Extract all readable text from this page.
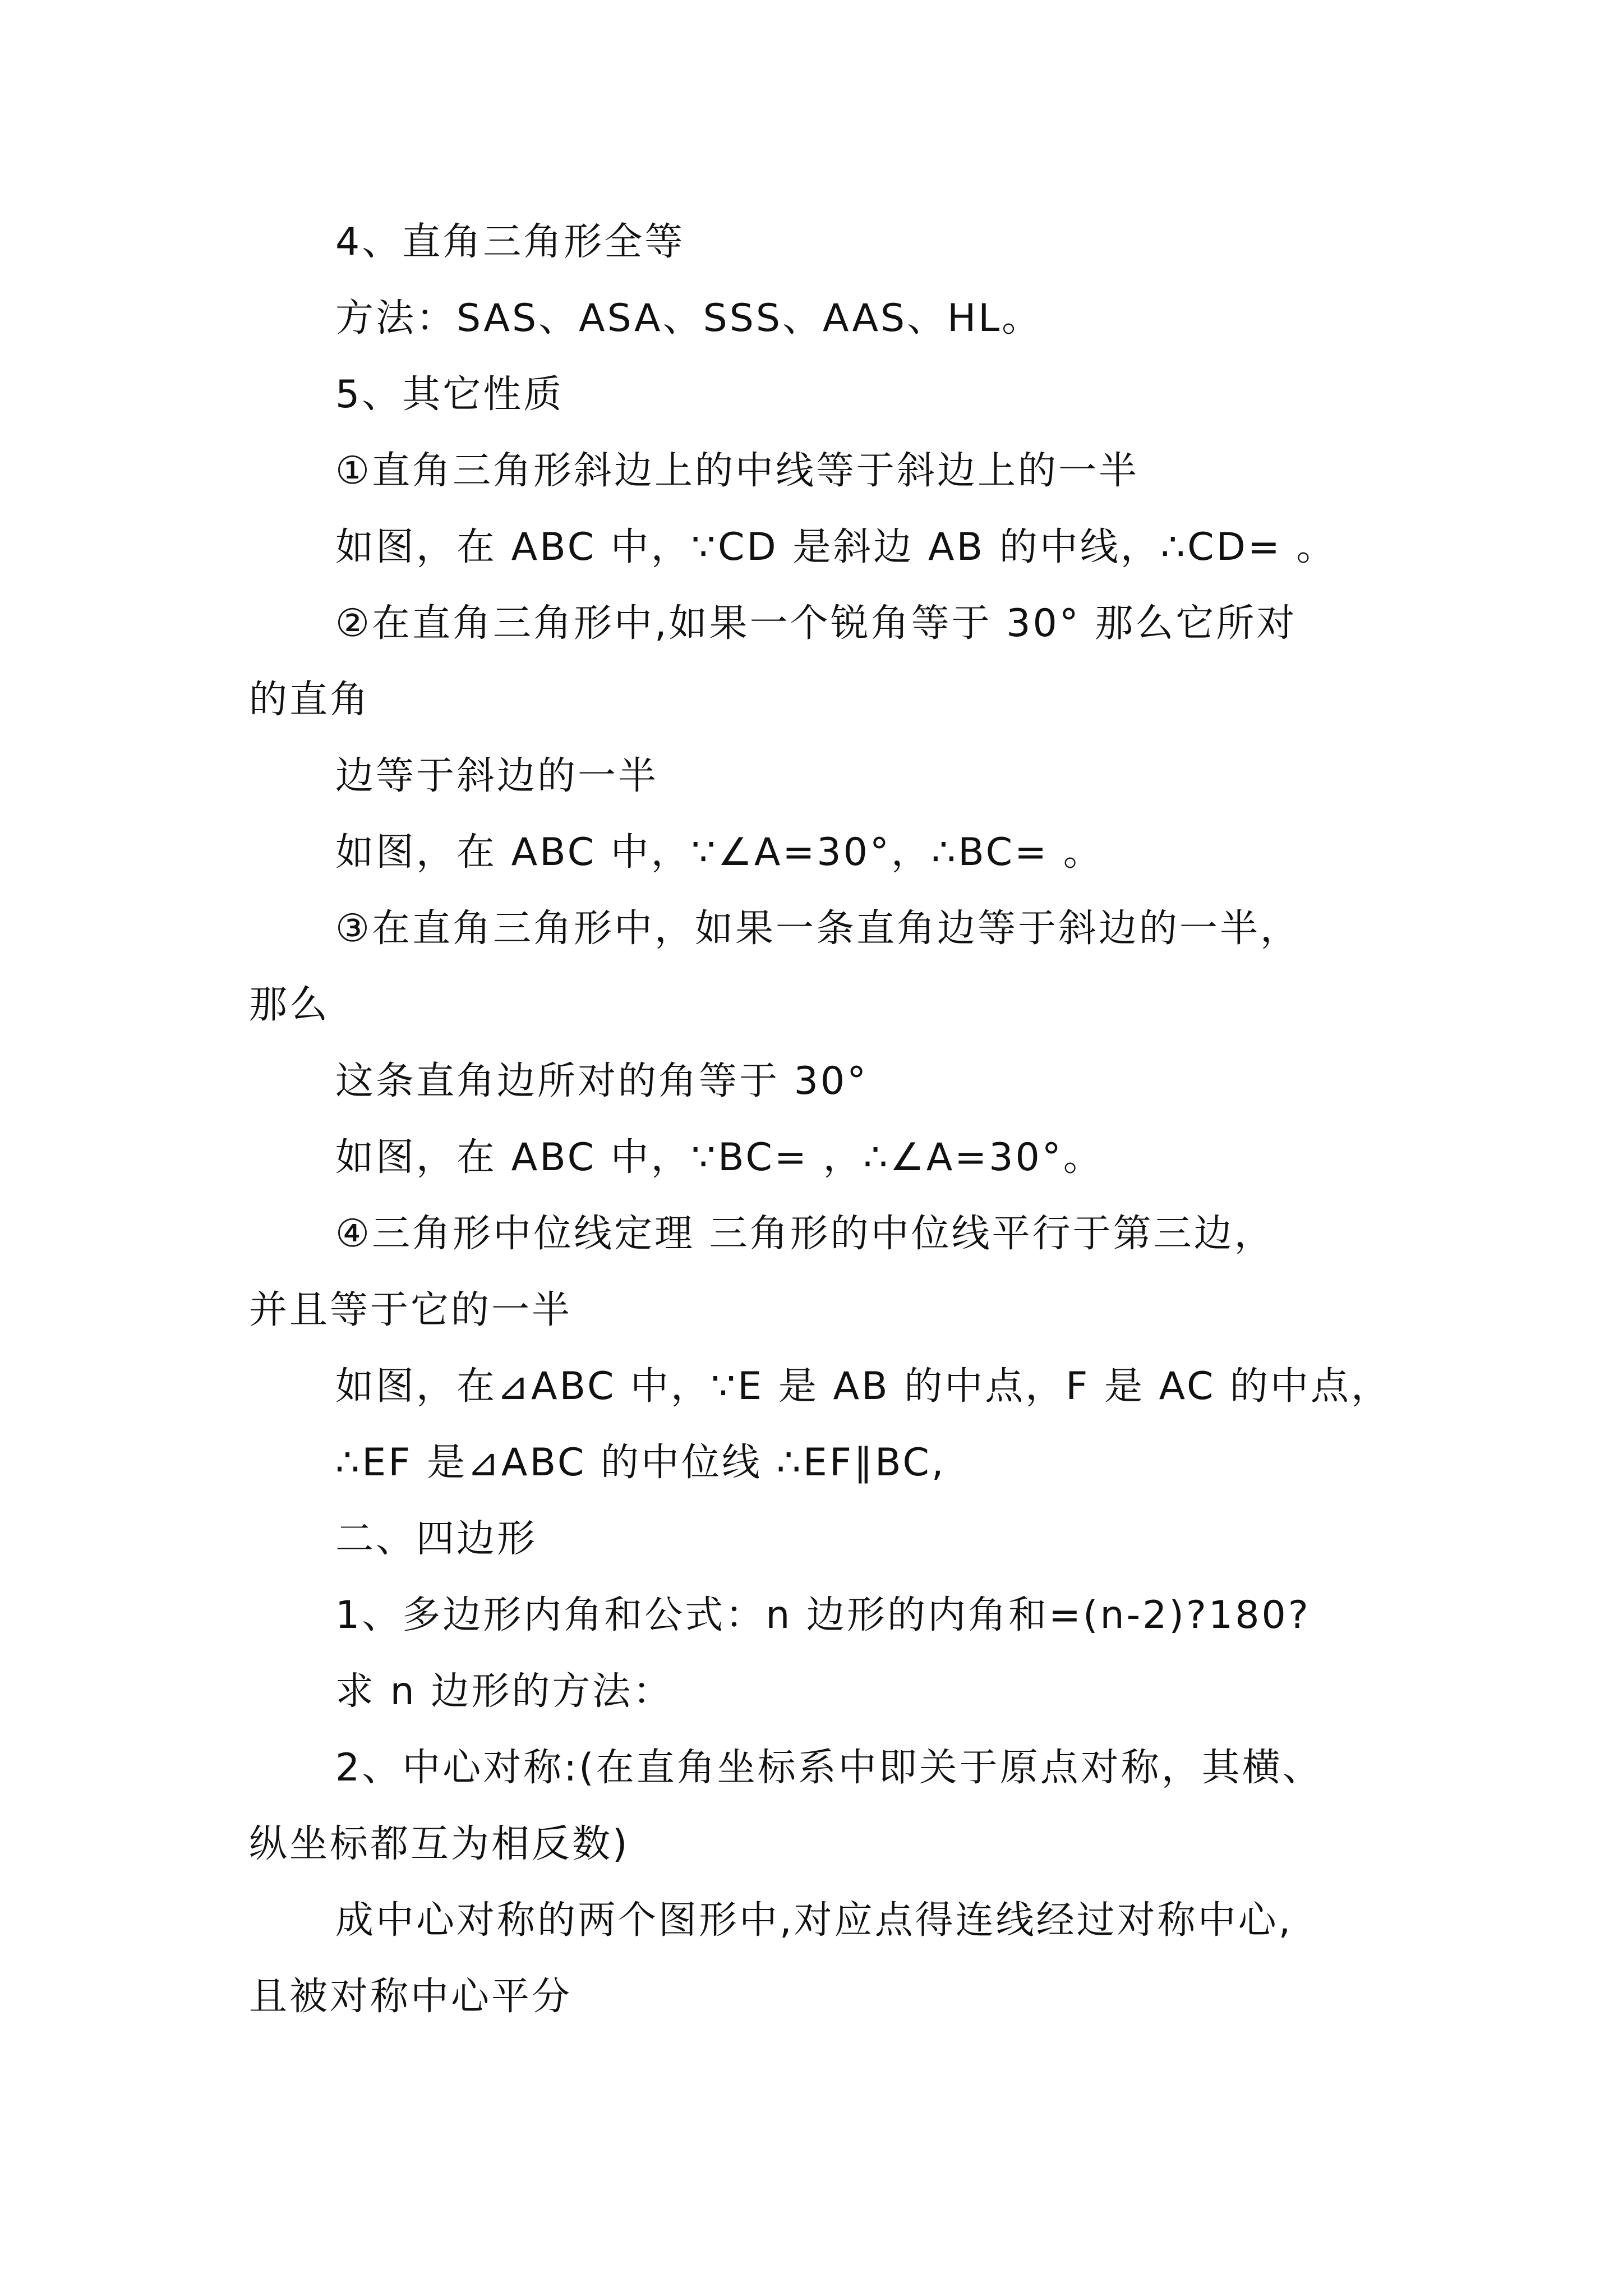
4、直角三角形全等
方法：SAS、ASA、SSS、AAS、HL。
5、其它性质
①直角三角形斜边上的中线等于斜边上的一半
如图，在 ABC 中，∵CD 是斜边 AB 的中线，∴CD= 。
②在直角三角形中,如果一个锐角等于 30° 那么它所对
的直角
边等于斜边的一半
如图，在 ABC 中，∵∠A=30°，∴BC= 。
③在直角三角形中，如果一条直角边等于斜边的一半，
那么
这条直角边所对的角等于 30°
如图，在 ABC 中，∵BC= ，∴∠A=30°。
④三角形中位线定理 三角形的中位线平行于第三边，
并且等于它的一半
如图，在⊿ABC 中，∵E 是 AB 的中点，F 是 AC 的中点，
∴EF 是⊿ABC 的中位线 ∴EF∥BC,
二、四边形
1、多边形内角和公式：n 边形的内角和=(n-2)?180?
求 n 边形的方法：
2、中心对称:(在直角坐标系中即关于原点对称，其横、
纵坐标都互为相反数)
成中心对称的两个图形中,对应点得连线经过对称中心,
且被对称中心平分
